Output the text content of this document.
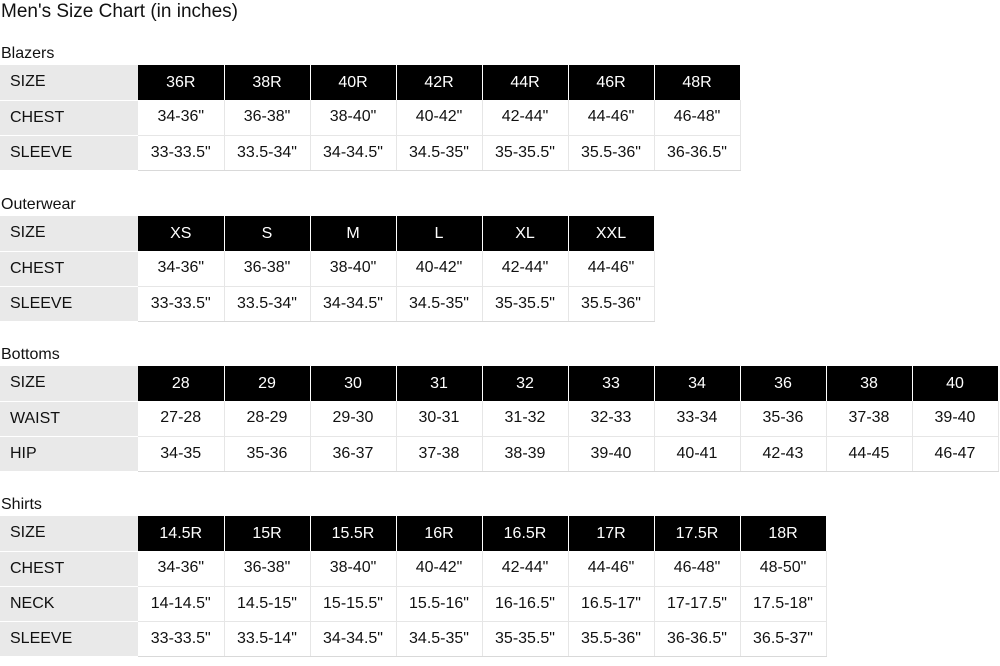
Men's Size Chart (in inches)
Blazers
SIZE	36R	38R	40R	42R	44R	46R	48R
CHEST	34-36"	36-38"	38-40"	40-42"	42-44"	44-46"	46-48"
SLEEVE	33-33.5"	33.5-34"	34-34.5"	34.5-35"	35-35.5"	35.5-36"	36-36.5"
Outerwear
SIZE	XS	S	M	L	XL	XXL
CHEST	34-36"	36-38"	38-40"	40-42"	42-44"	44-46"
SLEEVE	33-33.5"	33.5-34"	34-34.5"	34.5-35"	35-35.5"	35.5-36"
Bottoms
SIZE	28	29	30	31	32	33	34	36	38	40
WAIST	27-28	28-29	29-30	30-31	31-32	32-33	33-34	35-36	37-38	39-40
HIP	34-35	35-36	36-37	37-38	38-39	39-40	40-41	42-43	44-45	46-47
Shirts
SIZE	14.5R	15R	15.5R	16R	16.5R	17R	17.5R	18R
CHEST	34-36"	36-38"	38-40"	40-42"	42-44"	44-46"	46-48"	48-50"
NECK	14-14.5"	14.5-15"	15-15.5"	15.5-16"	16-16.5"	16.5-17"	17-17.5"	17.5-18"
SLEEVE	33-33.5"	33.5-14"	34-34.5"	34.5-35"	35-35.5"	35.5-36"	36-36.5"	36.5-37"
